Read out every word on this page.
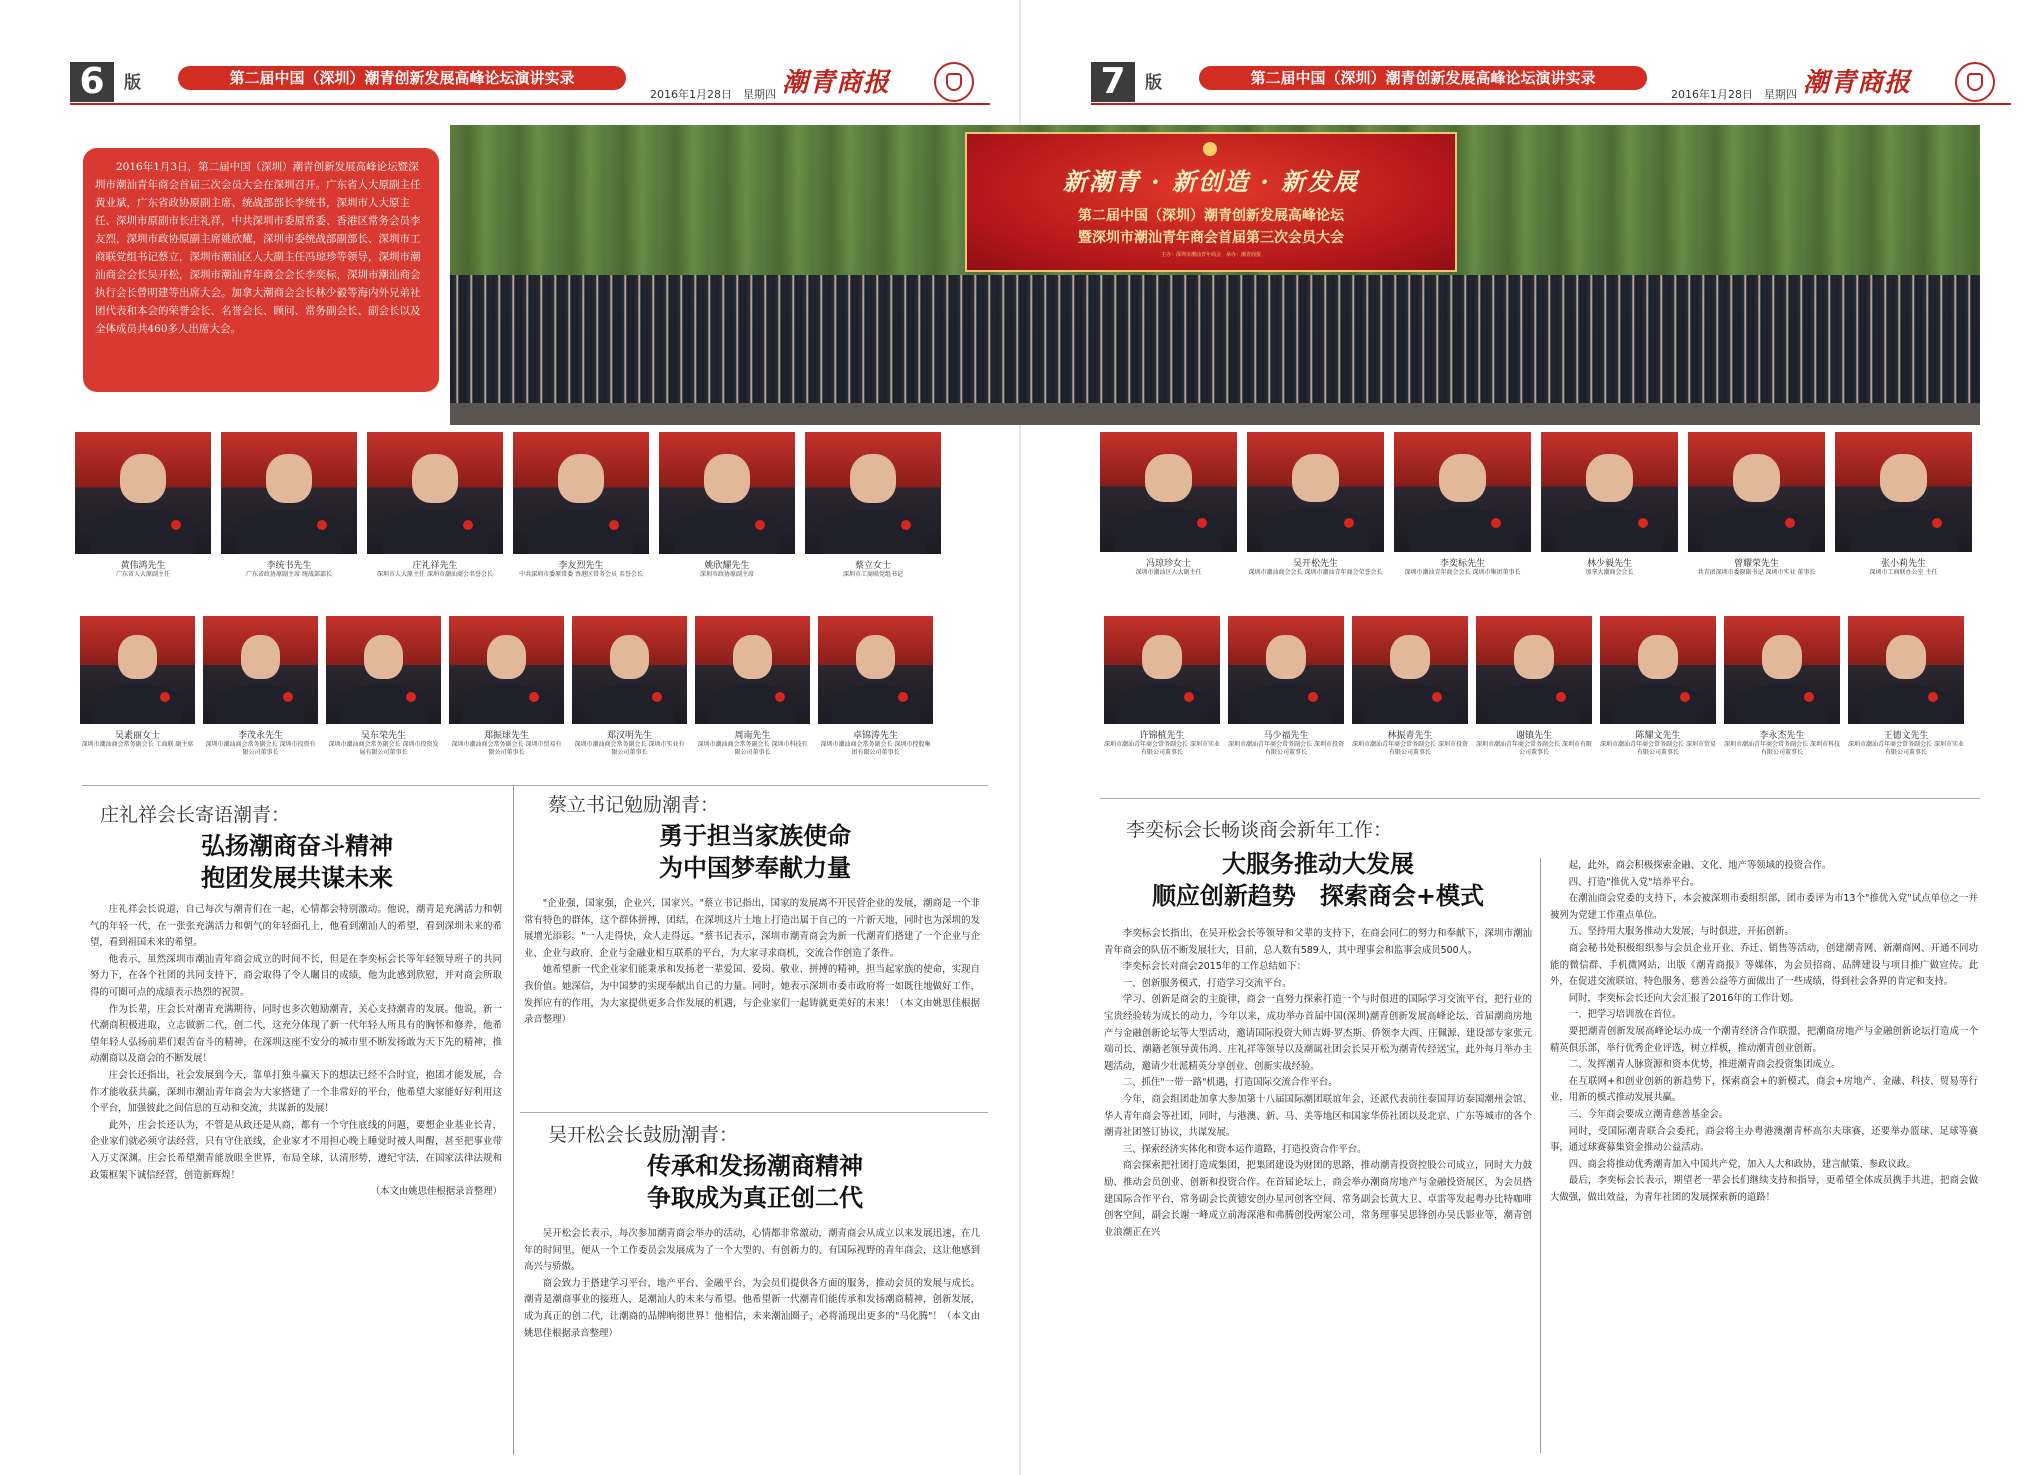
6	版	第二届中国（深圳）潮青创新发展高峰论坛演讲实录
2016年1月28日　星期四 潮青商报
2016年1月3日，第二届中国（深圳）潮青创新发展高峰论坛暨深圳市潮汕青年商会首届三次会员大会在深圳召开。广东省人大原副主任黄业斌，广东省政协原副主席、统战部部长李统书，深圳市人大原主任、深圳市原副市长庄礼祥，中共深圳市委原常委、香港区常务会员李友烈，深圳市政协原副主席姚欣耀，深圳市委统战部副部长、深圳市工商联党组书记蔡立，深圳市潮汕区人大副主任冯琼珍等领导，深圳市潮汕商会会长吴开松，深圳市潮汕青年商会会长李奕标，深圳市潮汕商会执行会长曾明建等出席大会。加拿大潮商会会长林少毅等海内外兄弟社团代表和本会的荣誉会长、名誉会长、顾问、常务副会长、副会长以及全体成员共460多人出席大会。
新潮青 · 新创造 · 新发展
第二届中国（深圳）潮青创新发展高峰论坛
暨深圳市潮汕青年商会首届第三次会员大会
主办：深圳市潮汕青年商会　承办：潮青商报
黄伟鸿先生
广东省人大原副主任
李统书先生
广东省政协原副主席 统战部部长
庄礼祥先生
深圳市人大原主任 深圳市潮汕商会名誉会长
李友烈先生
中共深圳市委原常委 香港区常务会员 名誉会长
姚欣耀先生
深圳市政协原副主席
蔡立女士
深圳市工商联党组书记
吴素丽女士
深圳市潮汕商会常务副会长 工商联 副主席
李茂永先生
深圳市潮汕商会常务副会长 深圳市投资有限公司董事长
吴东荣先生
深圳市潮汕商会常务副会长 深圳市投资发展有限公司董事长
郑振球先生
深圳市潮汕商会常务副会长 深圳市贸易有限公司董事长
郑汉明先生
深圳市潮汕商会常务副会长 深圳市实业有限公司董事长
周南先生
深圳市潮汕商会常务副会长 深圳市科技有限公司董事长
卓锦涛先生
深圳市潮汕商会常务副会长 深圳市控股集团有限公司董事长
冯琼珍女士
深圳市潮汕区人大副主任
吴开松先生
深圳市潮汕商会会长 深圳市潮汕青年商会荣誉会长
李奕标先生
深圳市潮汕青年商会会长 深圳市集团董事长
林少毅先生
加拿大潮商会会长
曾耀荣先生
共青团深圳市委原副书记 深圳市实业 董事长
张小莉先生
深圳市工商联办公室 主任
许锦植先生
深圳市潮汕青年商会常务副会长 深圳市实业有限公司董事长
马少福先生
深圳市潮汕青年商会常务副会长 深圳市投资有限公司董事长
林振青先生
深圳市潮汕青年商会常务副会长 深圳市投资有限公司董事长
谢镇先生
深圳市潮汕青年商会常务副会长 深圳市有限公司董事长
陈耀文先生
深圳市潮汕青年商会常务副会长 深圳市贸易有限公司董事长
李永杰先生
深圳市潮汕青年商会常务副会长 深圳市科技有限公司董事长
王德文先生
深圳市潮汕青年商会常务副会长 深圳市实业有限公司董事长
庄礼祥会长寄语潮青：
弘扬潮商奋斗精神
抱团发展共谋未来

庄礼祥会长说道，自己每次与潮青们在一起，心情都会特别激动。他说，潮青是充满活力和朝气的年轻一代，在一张张充满活力和朝气的年轻面孔上，他看到潮汕人的希望，看到深圳未来的希望，看到祖国未来的希望。

他表示，虽然深圳市潮汕青年商会成立的时间不长，但是在李奕标会长等年轻领导班子的共同努力下，在各个社团的共同支持下，商会取得了令人瞩目的成绩，他为此感到欣慰，并对商会所取得的可圈可点的成绩表示热烈的祝贺。

作为长辈，庄会长对潮青充满期待，同时也多次勉励潮青，关心支持潮青的发展。他说，新一代潮商积极进取，立志做新二代，创二代，这充分体现了新一代年轻人所具有的胸怀和修养，他希望年轻人弘扬前辈们艰苦奋斗的精神，在深圳这座不安分的城市里不断发扬敢为天下先的精神，推动潮商以及商会的不断发展！

庄会长还指出，社会发展到今天，靠单打独斗赢天下的想法已经不合时宜，抱团才能发展，合作才能收获共赢，深圳市潮汕青年商会为大家搭建了一个非常好的平台，他希望大家能好好利用这个平台，加强彼此之间信息的互动和交流，共谋新的发展！

此外，庄会长还认为，不管是从政还是从商，都有一个守住底线的问题，要想企业基业长青，企业家们就必须守法经营，只有守住底线，企业家才不用担心晚上睡觉时被人叫醒，甚至把事业带入万丈深渊。庄会长希望潮青能放眼全世界，布局全球，认清形势，遵纪守法，在国家法律法规和政策框架下诚信经营，创造新辉煌！

（本文由姚思佳根据录音整理）

蔡立书记勉励潮青：
勇于担当家族使命
为中国梦奉献力量

"企业强，国家强，企业兴，国家兴。"蔡立书记指出，国家的发展离不开民营企业的发展，潮商是一个非常有特色的群体，这个群体拼搏，团结，在深圳这片土地上打造出属于自己的一片新天地，同时也为深圳的发展增光添彩。"一人走得快，众人走得远。"蔡书记表示，深圳市潮青商会为新一代潮青们搭建了一个企业与企业、企业与政府、企业与金融业相互联系的平台，为大家寻求商机，交流合作创造了条件。

她希望新一代企业家们能秉承和发扬老一辈爱国、爱岗、敬业、拼搏的精神，担当起家族的使命，实现自我价值。她深信，为中国梦的实现奉献出自己的力量。同时，她表示深圳市委市政府将一如既往地做好工作，发挥应有的作用，为大家提供更多合作发展的机遇，与企业家们一起铸就更美好的未来！（本文由姚思佳根据录音整理）

吴开松会长鼓励潮青：
传承和发扬潮商精神
争取成为真正创二代

吴开松会长表示，每次参加潮青商会举办的活动，心情都非常激动，潮青商会从成立以来发展迅速，在几年的时间里，便从一个工作委员会发展成为了一个大型的、有创新力的、有国际视野的青年商会，这让他感到高兴与骄傲。

商会致力于搭建学习平台、地产平台、金融平台，为会员们提供各方面的服务，推动会员的发展与成长。潮青是潮商事业的接班人，是潮汕人的未来与希望。他希望新一代潮青们能传承和发扬潮商精神，创新发展，成为真正的创二代，让潮商的品牌响彻世界！他相信，未来潮汕圈子，必将涌现出更多的"马化腾"！（本文由姚思佳根据录音整理）

7	版	第二届中国（深圳）潮青创新发展高峰论坛演讲实录
2016年1月28日　星期四 潮青商报
李奕标会长畅谈商会新年工作：
大服务推动大发展
顺应创新趋势　探索商会+模式

李奕标会长指出，在吴开松会长等领导和父辈的支持下，在商会同仁的努力和奉献下，深圳市潮汕青年商会的队伍不断发展壮大，目前，总人数有589人，其中理事会和监事会成员500人。

李奕标会长对商会2015年的工作总结如下：

一、创新服务模式，打造学习交流平台。

学习、创新是商会的主旋律，商会一直努力探索打造一个与时俱进的国际学习交流平台，把行业的宝贵经验转为成长的动力，今年以来，成功举办首届中国(深圳)潮青创新发展高峰论坛、首届潮商房地产与金融创新论坛等大型活动，邀请国际投资大师吉姆·罗杰斯、侨领李大西、庄佩源、建设部专家张元端司长、潮籍老领导黄伟鸿、庄礼祥等领导以及潮属社团会长吴开松为潮青传经送宝，此外每月举办主题活动，邀请少壮派精英分享创业、创新实战经验。

二、抓住"一带一路"机遇，打造国际交流合作平台。

今年，商会组团赴加拿大参加第十八届国际潮团联谊年会，还派代表前往泰国拜访泰国潮州会馆、华人青年商会等社团，同时，与港澳、新、马、美等地区和国家华侨社团以及北京、广东等城市的各个潮青社团签订协议，共谋发展。

三、探索经济实体化和资本运作道路，打造投资合作平台。

商会探索把社团打造成集团，把集团建设为财团的思路，推动潮青投资控股公司成立，同时大力鼓励、推动会员创业、创新和投资合作。在首届论坛上，商会举办潮商房地产与金融投资展区，为会员搭建国际合作平台，常务副会长黄德安创办星河创客空间、常务副会长黄大卫、卓雷等发起粤办比特咖啡创客空间，副会长谢一峰成立前海深港和弗腾创投两家公司，常务理事吴思锋创办吴氏影业等，潮青创业浪潮正在兴

起，此外，商会积极探索金融、文化、地产等领域的投资合作。

四、打造"推优入党"培养平台。

在潮汕商会党委的支持下，本会被深圳市委组织部，团市委评为市13个"推优入党"试点单位之一并被列为党建工作重点单位。

五、坚持用大服务推动大发展，与时俱进，开拓创新。

商会秘书处积极组织参与会员企业开业、乔迁、销售等活动，创建潮青网、新潮商网、开通不同功能的微信群、手机微网站，出版《潮青商报》等媒体，为会员招商、品牌建设与项目推广做宣传。此外，在促进交流联谊、特色服务、慈善公益等方面做出了一些成绩，得到社会各界的肯定和支持。

同时，李奕标会长还向大会汇报了2016年的工作计划。

一、把学习培训放在首位。

要把潮青创新发展高峰论坛办成一个潮青经济合作联盟，把潮商房地产与金融创新论坛打造成一个精英俱乐部，举行优秀企业评选，树立样板，推动潮青创业创新。

二、发挥潮青人脉资源和资本优势，推进潮青商会投资集团成立。

在互联网+和创业创新的新趋势下，探索商会+的新模式，商会+房地产、金融、科技、贸易等行业，用新的模式推动发展共赢。

三、今年商会要成立潮青慈善基金会。

同时，受国际潮青联合会委托，商会将主办粤港澳潮青杯高尔夫球赛，还要举办篮球、足球等赛事，通过球赛募集资金推动公益活动。

四、商会将推动优秀潮青加入中国共产党，加入人大和政协，建言献策、参政议政。

最后，李奕标会长表示，期望老一辈会长们继续支持和指导，更希望全体成员携手共进，把商会做大做强，做出效益，为青年社团的发展探索新的道路！
